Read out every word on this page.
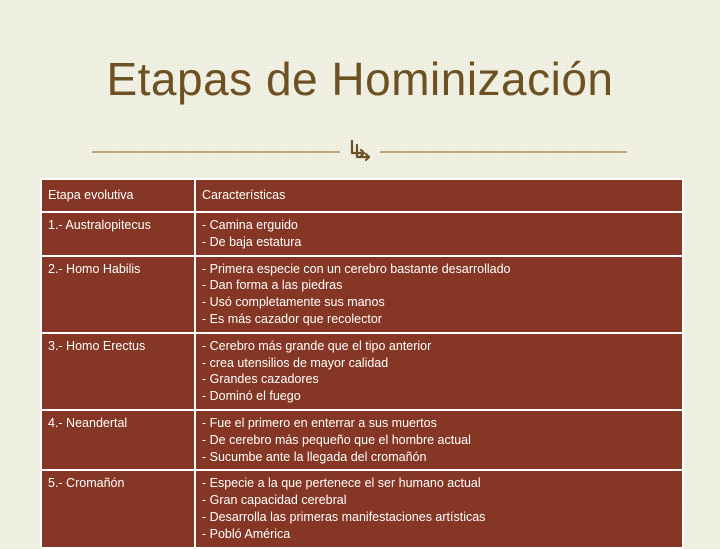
Etapas de Hominización
Etapa evolutiva	Características
1.- Australopitecus	- Camina erguido
- De baja estatura

2.- Homo Habilis	- Primera especie con un cerebro bastante desarrollado
- Dan forma a las piedras
- Usó completamente sus manos
- Es más cazador que recolector

3.- Homo Erectus	- Cerebro más grande que el tipo anterior
- crea utensilios de mayor calidad
- Grandes cazadores
- Dominó el fuego

4.- Neandertal	- Fue el primero en enterrar a sus muertos
- De cerebro más pequeño que el hombre actual
- Sucumbe ante la llegada del cromañón

5.- Cromañón	- Especie a la que pertenece el ser humano actual
- Gran capacidad cerebral
- Desarrolla las primeras manifestaciones artísticas
- Pobló América
